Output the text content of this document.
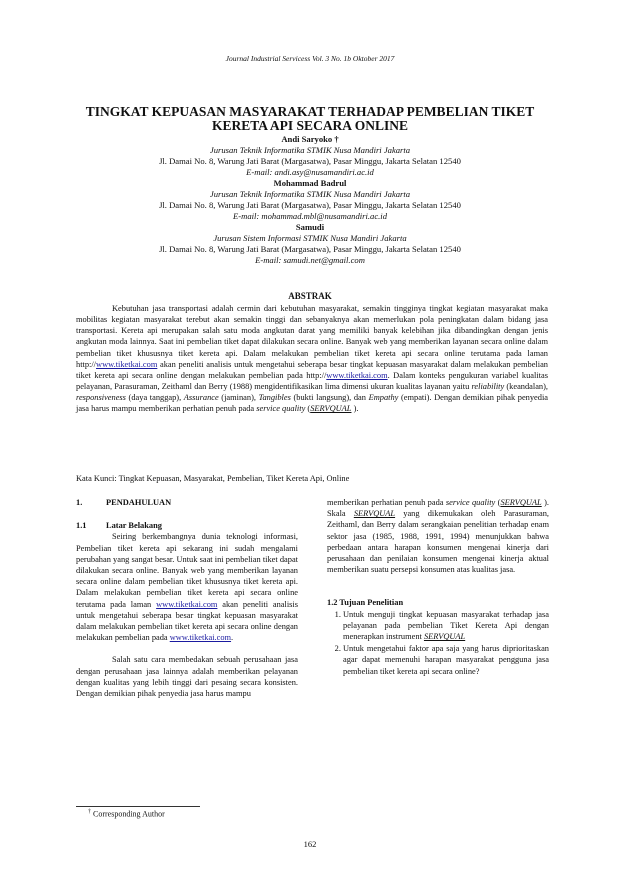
Journal Industrial Servicess Vol. 3 No. 1b Oktober 2017
TINGKAT KEPUASAN MASYARAKAT TERHADAP PEMBELIAN TIKET KERETA API SECARA ONLINE
Andi Saryoko †
Jurusan Teknik Informatika STMIK Nusa Mandiri Jakarta
Jl. Damai No. 8, Warung Jati Barat (Margasatwa), Pasar Minggu, Jakarta Selatan 12540
E-mail: andi.asy@nusamandiri.ac.id
Mohammad Badrul
Jurusan Teknik Informatika STMIK Nusa Mandiri Jakarta
Jl. Damai No. 8, Warung Jati Barat (Margasatwa), Pasar Minggu, Jakarta Selatan 12540
E-mail: mohammad.mbl@nusamandiri.ac.id
Samudi
Jurusan Sistem Informasi STMIK Nusa Mandiri Jakarta
Jl. Damai No. 8, Warung Jati Barat (Margasatwa), Pasar Minggu, Jakarta Selatan 12540
E-mail: samudi.net@gmail.com
ABSTRAK
Kebutuhan jasa transportasi adalah cermin dari kebutuhan masyarakat, semakin tingginya tingkat kegiatan masyarakat maka mobilitas kegiatan masyarakat terebut akan semakin tinggi dan sebanyaknya akan memerlukan pola peningkatan dalam bidang jasa transportasi. Kereta api merupakan salah satu moda angkutan darat yang memiliki banyak kelebihan jika dibandingkan dengan jenis angkutan moda lainnya. Saat ini pembelian tiket dapat dilakukan secara online. Banyak web yang memberikan layanan secara online dalam pembelian tiket khususnya tiket kereta api. Dalam melakukan pembelian tiket kereta api secara online terutama pada laman http://www.tiketkai.com akan peneliti analisis untuk mengetahui seberapa besar tingkat kepuasan masyarakat dalam melakukan pembelian tiket kereta api secara online dengan melakukan pembelian pada http://www.tiketkai.com. Dalam konteks pengukuran variabel kualitas pelayanan, Parasuraman, Zeithaml dan Berry (1988) mengidentifikasikan lima dimensi ukuran kualitas layanan yaitu reliability (keandalan), responsiveness (daya tanggap), Assurance (jaminan), Tangibles (bukti langsung), dan Empathy (empati). Dengan demikian pihak penyedia jasa harus mampu memberikan perhatian penuh pada service quality (SERVQUAL ).
Kata Kunci: Tingkat Kepuasan, Masyarakat, Pembelian, Tiket Kereta Api, Online
1.	PENDAHULUAN
1.1 Latar Belakang

Seiring berkembangnya dunia teknologi informasi, Pembelian tiket kereta api sekarang ini sudah mengalami perubahan yang sangat besar. Untuk saat ini pembelian tiket dapat dilakukan secara online. Banyak web yang memberikan layanan secara online dalam pembelian tiket khususnya tiket kereta api. Dalam melakukan pembelian tiket kereta api secara online terutama pada laman www.tiketkai.com akan peneliti analisis untuk mengetahui seberapa besar tingkat kepuasan masyarakat dalam melakukan pembelian tiket kereta api secara online dengan melakukan pembelian pada www.tiketkai.com.

Salah satu cara membedakan sebuah perusahaan jasa dengan perusahaan jasa lainnya adalah memberikan pelayanan dengan kualitas yang lebih tinggi dari pesaing secara konsisten. Dengan demikian pihak penyedia jasa harus mampu

memberikan perhatian penuh pada service quality (SERVQUAL ). Skala SERVQUAL yang dikemukakan oleh Parasuraman, Zeithaml, dan Berry dalam serangkaian penelitian terhadap enam sektor jasa (1985, 1988, 1991, 1994) menunjukkan bahwa perbedaan antara harapan konsumen mengenai kinerja dari perusahaan dan penilaian konsumen mengenai kinerja aktual memberikan suatu persepsi konsumen atas kualitas jasa.

1.2 Tujuan Penelitian
1. Untuk menguji tingkat kepuasan masyarakat terhadap jasa pelayanan pada pembelian Tiket Kereta Api dengan menerapkan instrument SERVQUAL
2. Untuk mengetahui faktor apa saja yang harus diprioritaskan agar dapat memenuhi harapan masyarakat pengguna jasa pembelian tiket kereta api secara online?
† Corresponding Author
162
